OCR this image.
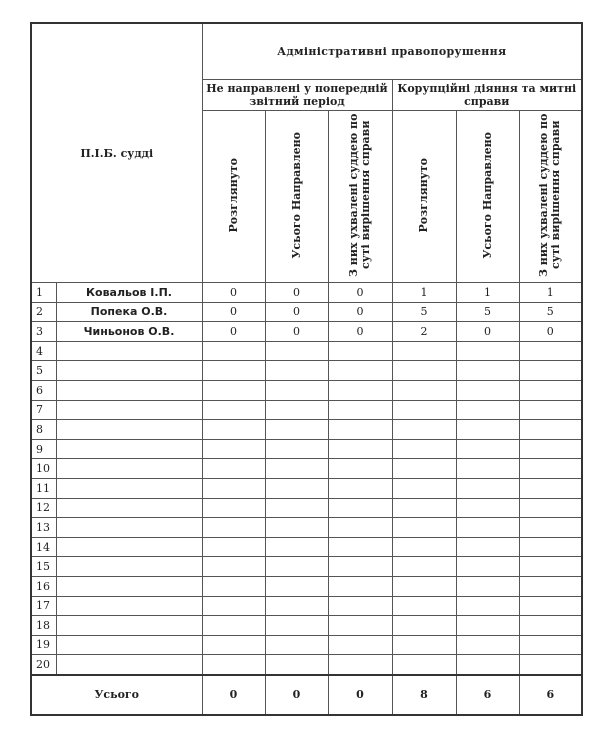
П.І.Б. судді		Адміністративні правопорушення					
		Не направлені у попередній звітний період			Корупційні діяння та митні справи		
		Розглянуто	Усього Направлено	З них ухвалені суддею по суті вирішення справи	Розглянуто	Усього Направлено	З них ухвалені суддею по суті вирішення справи
1	Ковальов І.П.	0	0	0	1	1	1
2	Попека О.В.	0	0	0	5	5	5
3	Чиньонов О.В.	0	0	0	2	0	0
4							
5							
6							
7							
8							
9							
10							
11							
12							
13							
14							
15							
16							
17							
18							
19							
20							
Усього		0	0	0	8	6	6
